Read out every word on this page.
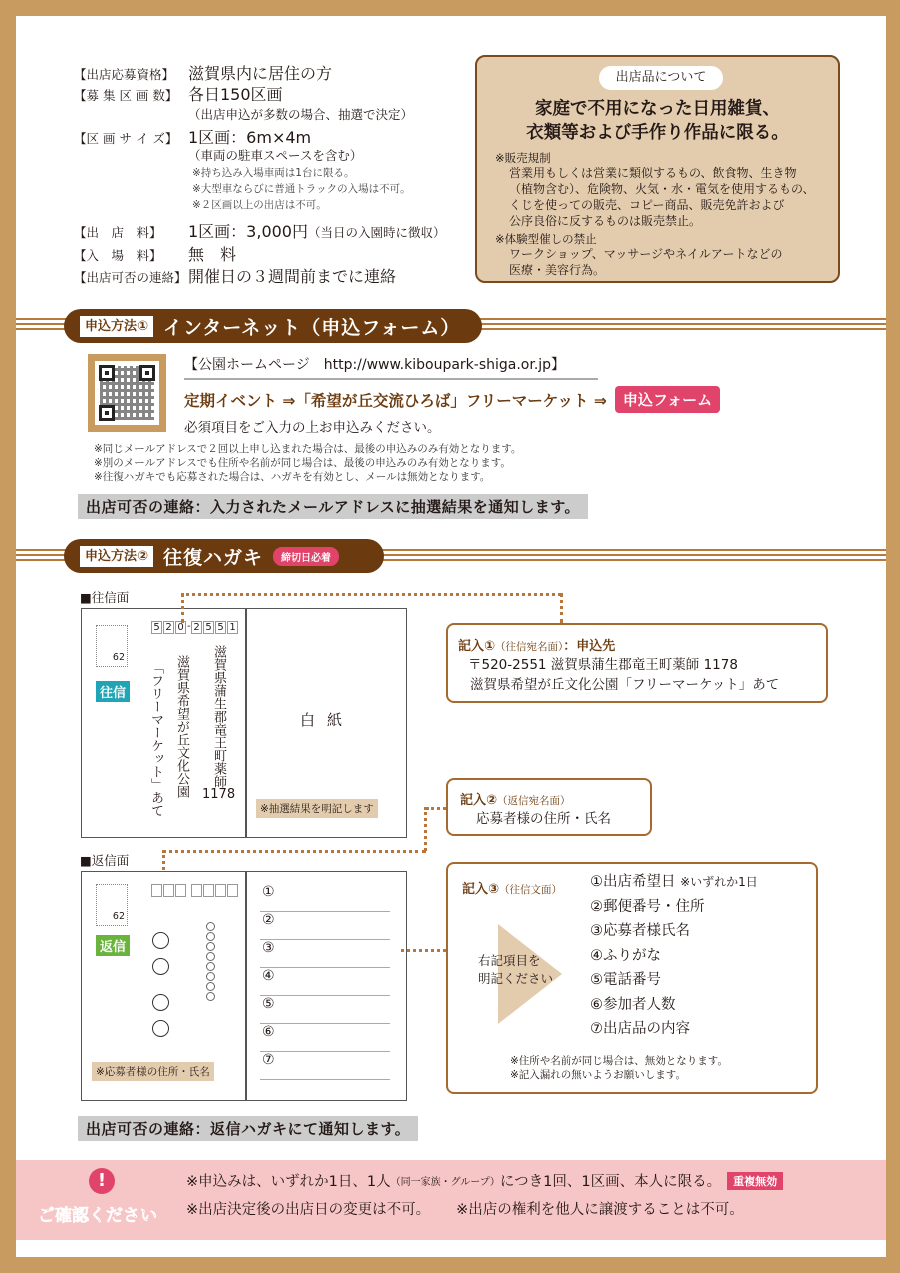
【出店応募資格】 滋賀県内に居住の方
【募 集 区 画 数】 各日150区画
（出店申込が多数の場合、抽選で決定）
【区 画 サ イ ズ】 1区画：6m×4m
（車両の駐車スペースを含む）
※持ち込み入場車両は1台に限る。
※大型車ならびに普通トラックの入場は不可。
※２区画以上の出店は不可。
【出　店　料】	1区画：3,000円 （当日の入園時に徴収）
【入　場　料】	無　料
【出店可否の連絡】 開催日の３週間前までに連絡
出店品について
家庭で不用になった日用雑貨、
衣類等および手作り作品に限る。
※販売規制
営業用もしくは営業に類似するもの、飲食物、生き物
（植物含む）、危険物、火気・水・電気を使用するもの、
くじを使っての販売、コピー商品、販売免許および
公序良俗に反するものは販売禁止。
※体験型催しの禁止
ワークショップ、マッサージやネイルアートなどの
医療・美容行為。
申込方法① インターネット（申込フォーム）
【公園ホームページ　http://www.kiboupark-shiga.or.jp】
定期イベント ⇒「希望が丘交流ひろば」フリーマーケット ⇒	申込フォーム
必須項目をご入力の上お申込みください。
※同じメールアドレスで２回以上申し込まれた場合は、最後の申込みのみ有効となります。
※別のメールアドレスでも住所や名前が同じ場合は、最後の申込みのみ有効となります。
※往復ハガキでも応募された場合は、ハガキを有効とし、メールは無効となります。
出店可否の連絡：入力されたメールアドレスに抽選結果を通知します。
申込方法② 往復ハガキ	締切日必着
■往信面
62
往信
5 2 0 - 2 5 5 1
滋賀県蒲生郡竜王町薬師
1178
滋賀県希望が丘文化公園
「フリーマーケット」あて	白紙
※抽選結果を明記します
記入①（往信宛名面）：申込先
〒520-2551 滋賀県蒲生郡竜王町薬師 1178
滋賀県希望が丘文化公園「フリーマーケット」あて
記入②（返信宛名面）
応募者様の住所・氏名
■返信面
62
返信
※応募者様の住所・氏名
①
②
③
④
⑤
⑥
⑦
記入③（往信文面）
右記項目を
明記ください
①出店希望日 ※いずれか1日
②郵便番号・住所
③応募者様氏名
④ふりがな
⑤電話番号
⑥参加者人数
⑦出店品の内容
※住所や名前が同じ場合は、無効となります。
※記入漏れの無いようお願いします。
出店可否の連絡：返信ハガキにて通知します。
!
ご確認ください
※申込みは、いずれか1日、1人 （同一家族・グループ） につき1回、1区画、本人に限る。	重複無効
※出店決定後の出店日の変更は不可。 ※出店の権利を他人に譲渡することは不可。
